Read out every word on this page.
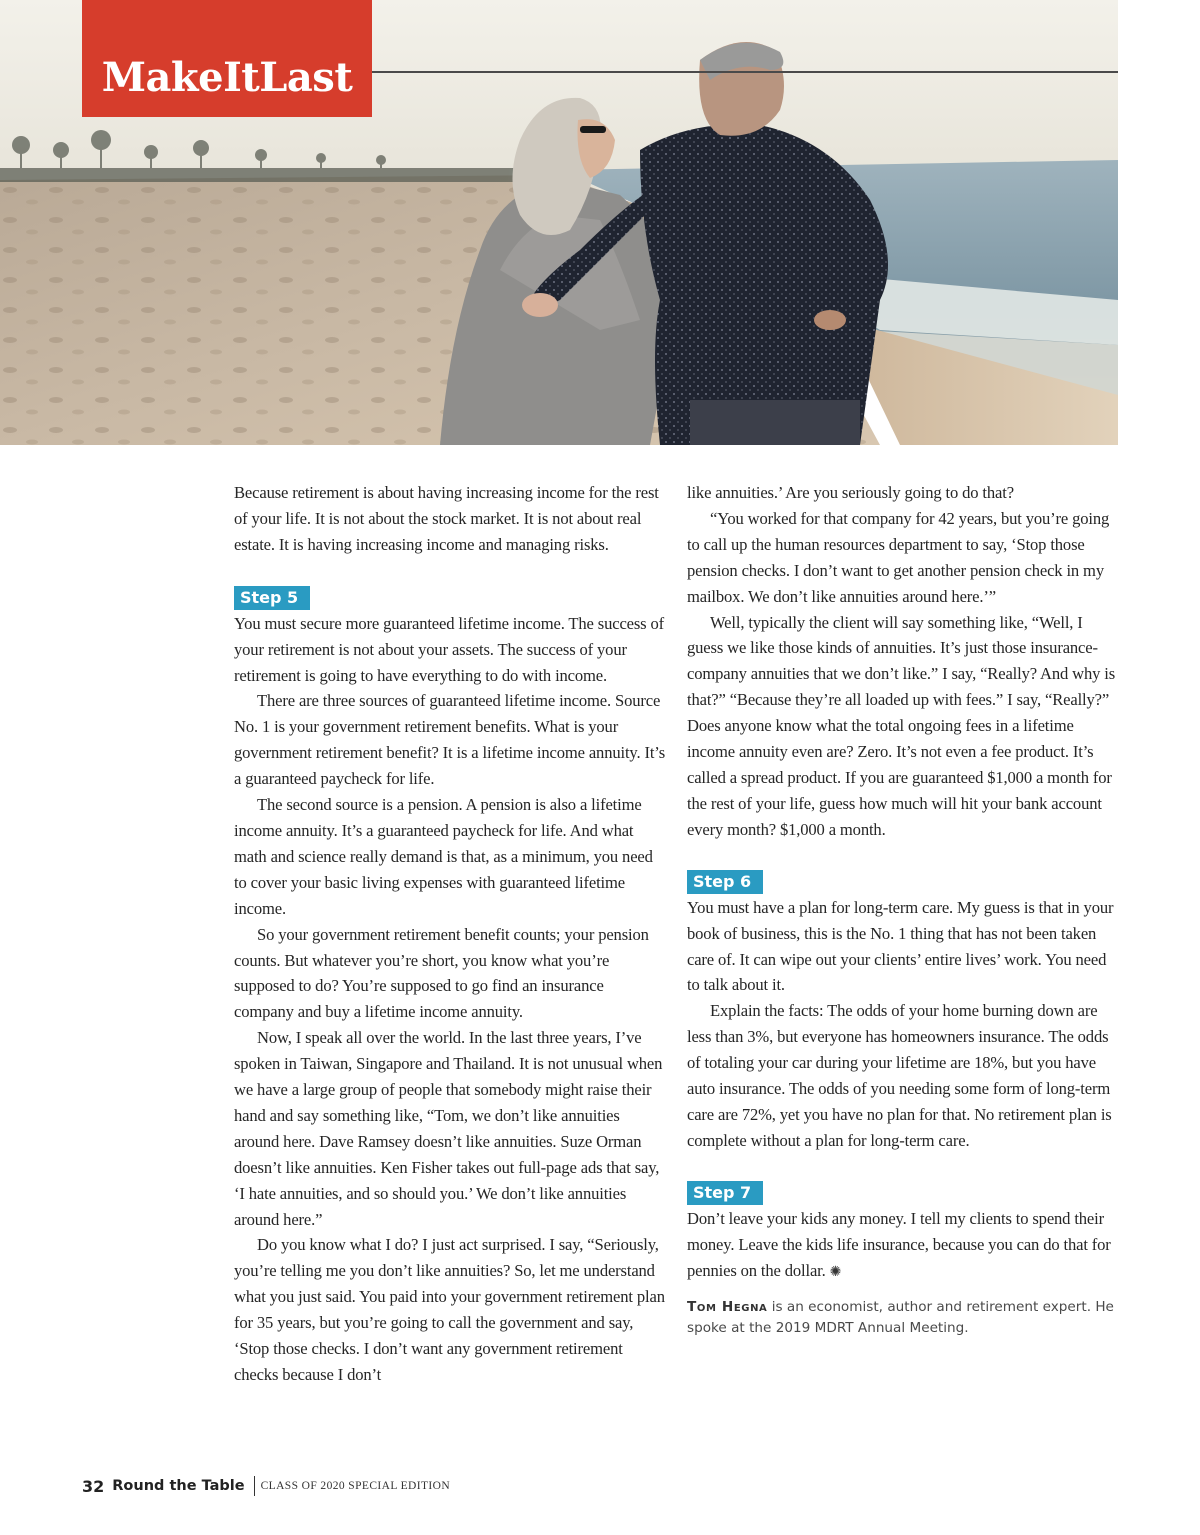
MakeItLast

Because retirement is about having increasing income for the rest of your life. It is not about the stock market. It is not about real estate. It is having increasing income and managing risks.

Step 5

You must secure more guaranteed lifetime income. The success of your retirement is not about your assets. The success of your retirement is going to have everything to do with income.

There are three sources of guaranteed lifetime income. Source No. 1 is your government retirement benefits. What is your government retirement benefit? It is a lifetime income annuity. It’s a guaranteed paycheck for life.

The second source is a pension. A pension is also a lifetime income annuity. It’s a guaranteed paycheck for life. And what math and science really demand is that, as a minimum, you need to cover your basic living expenses with guaranteed lifetime income.

So your government retirement benefit counts; your pension counts. But whatever you’re short, you know what you’re supposed to do? You’re supposed to go find an insurance company and buy a lifetime income annuity.

Now, I speak all over the world. In the last three years, I’ve spoken in Taiwan, Singapore and Thailand. It is not unusual when we have a large group of people that somebody might raise their hand and say something like, “Tom, we don’t like annuities around here. Dave Ramsey doesn’t like annuities. Suze Orman doesn’t like annuities. Ken Fisher takes out full-page ads that say, ‘I hate annuities, and so should you.’ We don’t like annuities around here.”

Do you know what I do? I just act surprised. I say, “Seriously, you’re telling me you don’t like annuities? So, let me understand what you just said. You paid into your government retirement plan for 35 years, but you’re going to call the government and say, ‘Stop those checks. I don’t want any government retirement checks because I don’t

like annuities.’ Are you seriously going to do that?

“You worked for that company for 42 years, but you’re going to call up the human resources department to say, ‘Stop those pension checks. I don’t want to get another pension check in my mailbox. We don’t like annuities around here.’”

Well, typically the client will say something like, “Well, I guess we like those kinds of annuities. It’s just those insurance-company annuities that we don’t like.” I say, “Really? And why is that?” “Because they’re all loaded up with fees.” I say, “Really?” Does anyone know what the total ongoing fees in a lifetime income annuity even are? Zero. It’s not even a fee product. It’s called a spread product. If you are guaranteed $1,000 a month for the rest of your life, guess how much will hit your bank account every month? $1,000 a month.

Step 6

You must have a plan for long-term care. My guess is that in your book of business, this is the No. 1 thing that has not been taken care of. It can wipe out your clients’ entire lives’ work. You need to talk about it.

Explain the facts: The odds of your home burning down are less than 3%, but everyone has homeowners insurance. The odds of totaling your car during your lifetime are 18%, but you have auto insurance. The odds of you needing some form of long-term care are 72%, yet you have no plan for that. No retirement plan is complete without a plan for long-term care.

Step 7

Don’t leave your kids any money. I tell my clients to spend their money. Leave the kids life insurance, because you can do that for pennies on the dollar. ✺

Tom Hegna is an economist, author and retirement expert. He spoke at the 2019 MDRT Annual Meeting.
32 Round the Table CLASS OF 2020 SPECIAL EDITION
